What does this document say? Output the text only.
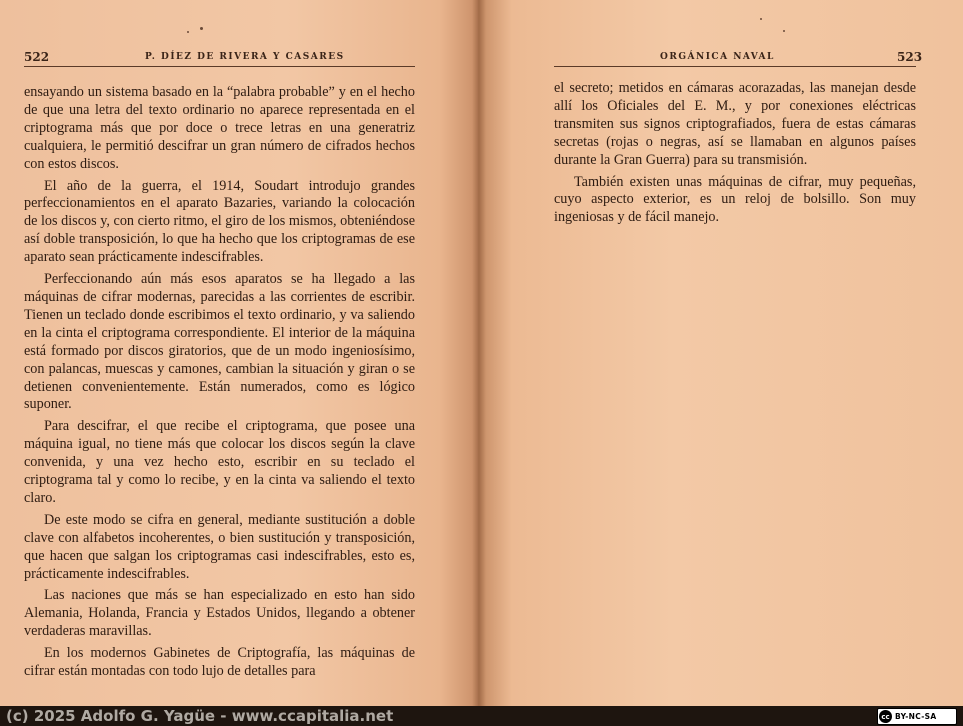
522	P. DÍEZ DE RIVERA Y CASARES

ensayando un sistema basado en la “palabra probable” y en el hecho de que una letra del texto ordinario no aparece representada en el criptograma más que por doce o trece letras en una generatriz cualquiera, le permitió descifrar un gran número de cifrados hechos con estos discos.

El año de la guerra, el 1914, Soudart introdujo grandes perfeccionamientos en el aparato Bazaries, variando la colocación de los discos y, con cierto ritmo, el giro de los mismos, obteniéndose así doble transposición, lo que ha hecho que los criptogramas de ese aparato sean prácticamente indescifrables.

Perfeccionando aún más esos aparatos se ha llegado a las máquinas de cifrar modernas, parecidas a las corrientes de escribir. Tienen un teclado donde escribimos el texto ordinario, y va saliendo en la cinta el criptograma correspondiente. El interior de la máquina está formado por discos giratorios, que de un modo ingeniosísimo, con palancas, muescas y camones, cambian la situación y giran o se detienen convenientemente. Están numerados, como es lógico suponer.

Para descifrar, el que recibe el criptograma, que posee una máquina igual, no tiene más que colocar los discos según la clave convenida, y una vez hecho esto, escribir en su teclado el criptograma tal y como lo recibe, y en la cinta va saliendo el texto claro.

De este modo se cifra en general, mediante sustitución a doble clave con alfabetos incoherentes, o bien sustitución y transposición, que hacen que salgan los criptogramas casi indescifrables, esto es, prácticamente indescifrables.

Las naciones que más se han especializado en esto han sido Alemania, Holanda, Francia y Estados Unidos, llegando a obtener verdaderas maravillas.

En los modernos Gabinetes de Criptografía, las máquinas de cifrar están montadas con todo lujo de detalles para

ORGÁNICA NAVAL	523

el secreto; metidos en cámaras acorazadas, las manejan desde allí los Oficiales del E. M., y por conexiones eléctricas transmiten sus signos criptografiados, fuera de estas cámaras secretas (rojas o negras, así se llamaban en algunos países durante la Gran Guerra) para su transmisión.

También existen unas máquinas de cifrar, muy pequeñas, cuyo aspecto exterior, es un reloj de bolsillo. Son muy ingeniosas y de fácil manejo.

(c) 2025 Adolfo G. Yagüe - www.ccapitalia.net	cc BY-NC-SA
